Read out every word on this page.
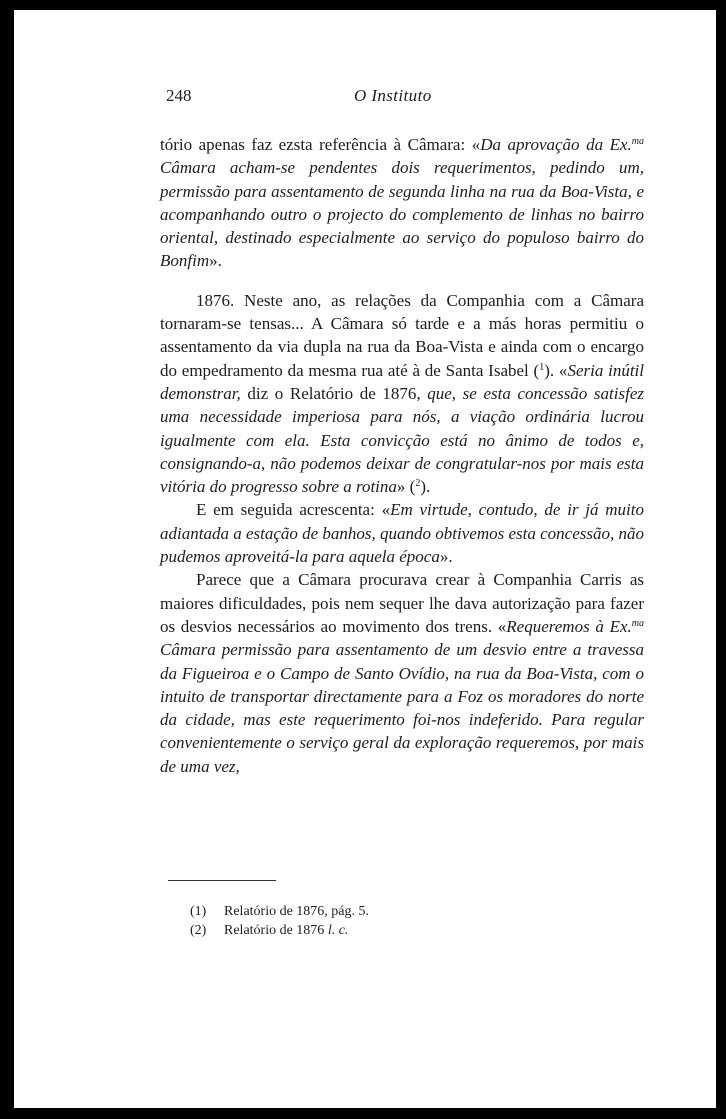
248	O Instituto

tório apenas faz ezsta referência à Câmara: «Da aprovação da Ex.$^{ma}$ Câmara acham-se pendentes dois requerimentos, pedindo um, permissão para assentamento de segunda linha na rua da Boa-Vista, e acompanhando outro o projecto do complemento de linhas no bairro oriental, destinado especialmente ao serviço do populoso bairro do Bonfim».

1876. Neste ano, as relações da Companhia com a Câmara tornaram-se tensas... A Câmara só tarde e a más horas permitiu o assentamento da via dupla na rua da Boa-Vista e ainda com o encargo do empedramento da mesma rua até à de Santa Isabel ($^1$). «Seria inútil demonstrar, diz o Relatório de 1876, que, se esta concessão satisfez uma necessidade imperiosa para nós, a viação ordinária lucrou igualmente com ela. Esta convicção está no ânimo de todos e, consignando-a, não podemos deixar de congratular-nos por mais esta vitória do progresso sobre a rotina» ($^2$).

E em seguida acrescenta: «Em virtude, contudo, de ir já muito adiantada a estação de banhos, quando obtivemos esta concessão, não pudemos aproveitá-la para aquela época».

Parece que a Câmara procurava crear à Companhia Carris as maiores dificuldades, pois nem sequer lhe dava autorização para fazer os desvios necessários ao movimento dos trens. «Requeremos à Ex.$^{ma}$ Câmara permissão para assentamento de um desvio entre a travessa da Figueiroa e o Campo de Santo Ovídio, na rua da Boa-Vista, com o intuito de transportar directamente para a Foz os moradores do norte da cidade, mas este requerimento foi-nos indeferido. Para regular convenientemente o serviço geral da exploração requeremos, por mais de uma vez,

(1) Relatório de 1876, pág. 5.
(2) Relatório de 1876 l. c.
